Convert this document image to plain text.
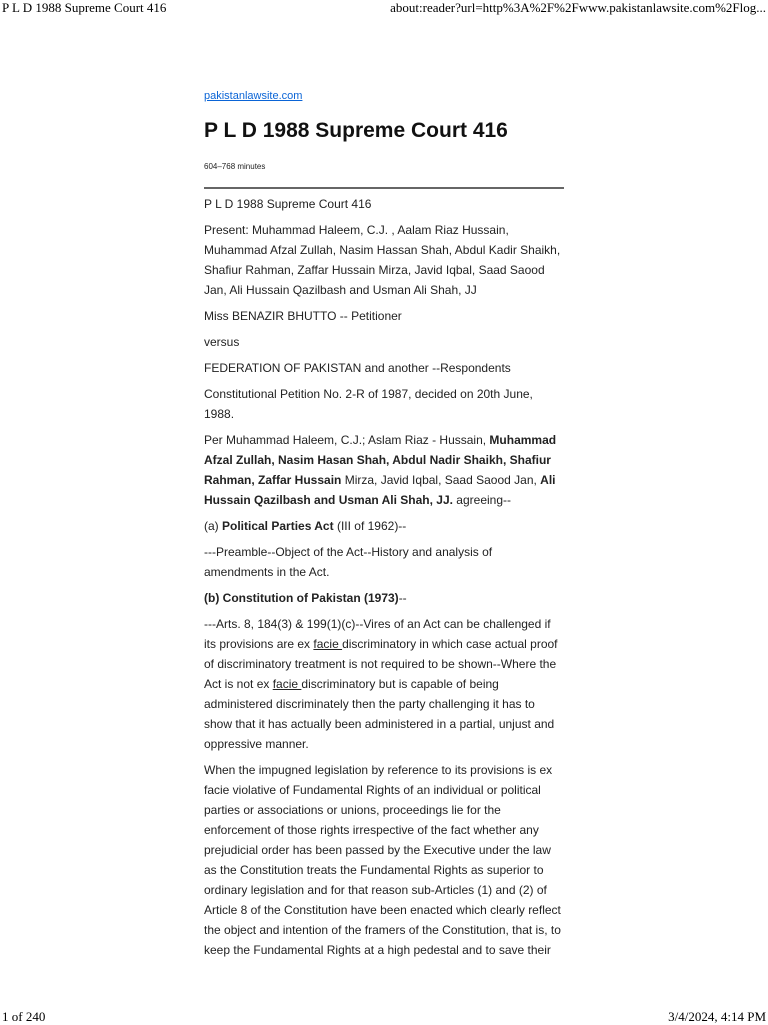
P L D 1988 Supreme Court 416	about:reader?url=http%3A%2F%2Fwww.pakistanlawsite.com%2Flog...
pakistanlawsite.com
P L D 1988 Supreme Court 416
604–768 minutes

P L D 1988 Supreme Court 416

Present: Muhammad Haleem, C.J. , Aalam Riaz Hussain, Muhammad Afzal Zullah, Nasim Hassan Shah, Abdul Kadir Shaikh, Shafiur Rahman, Zaffar Hussain Mirza, Javid Iqbal, Saad Saood Jan, Ali Hussain Qazilbash and Usman Ali Shah, JJ

Miss BENAZIR BHUTTO -- Petitioner

versus

FEDERATION OF PAKISTAN and another --Respondents

Constitutional Petition No. 2-R of 1987, decided on 20th June, 1988.

Per Muhammad Haleem, C.J.; Aslam Riaz - Hussain, Muhammad Afzal Zullah, Nasim Hasan Shah, Abdul Nadir Shaikh, Shafiur Rahman, Zaffar Hussain Mirza, Javid Iqbal, Saad Saood Jan, Ali Hussain Qazilbash and Usman Ali Shah, JJ. agreeing--

(a) Political Parties Act (III of 1962)--

---Preamble--Object of the Act--History and analysis of amendments in the Act.

(b) Constitution of Pakistan (1973)--

---Arts. 8, 184(3) & 199(1)(c)--Vires of an Act can be challenged if its provisions are ex facie discriminatory in which case actual proof of discriminatory treatment is not required to be shown--Where the Act is not ex facie discriminatory but is capable of being administered discriminately then the party challenging it has to show that it has actually been administered in a partial, unjust and oppressive manner.

When the impugned legislation by reference to its provisions is ex facie violative of Fundamental Rights of an individual or political parties or associations or unions, proceedings lie for the enforcement of those rights irrespective of the fact whether any prejudicial order has been passed by the Executive under the law as the Constitution treats the Fundamental Rights as superior to ordinary legislation and for that reason sub-Articles (1) and (2) of Article 8 of the Constitution have been enacted which clearly reflect the object and intention of the framers of the Constitution, that is, to keep the Fundamental Rights at a high pedestal and to save their

1 of 240	3/4/2024, 4:14 PM
